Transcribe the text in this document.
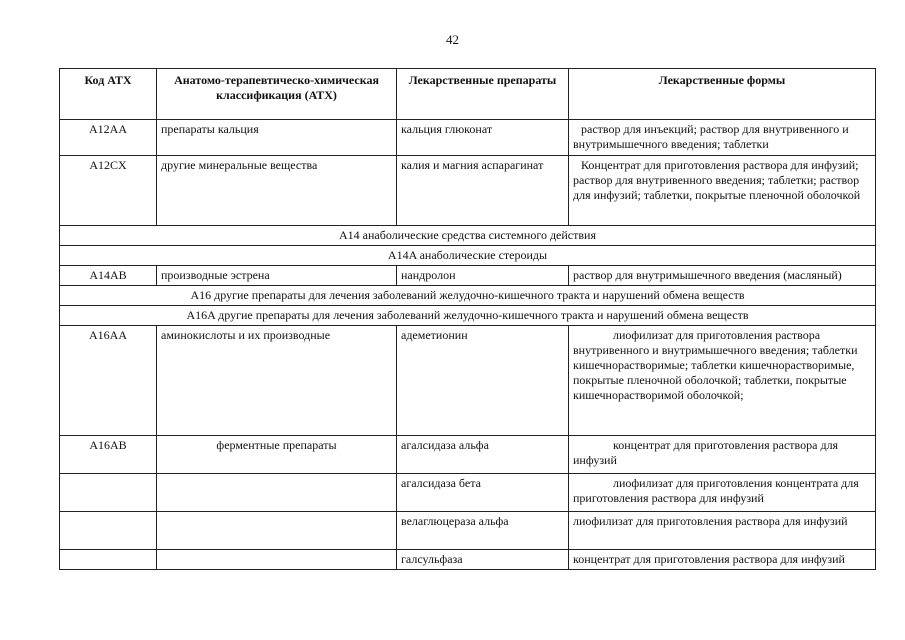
42
Код АТХ	Анатомо-терапевтическо-химическая классификация (АТХ)	Лекарственные препараты	Лекарственные формы
A12AA	препараты кальция	кальция глюконат	раствор для инъекций; раствор для внутривенного и внутримышечного введения; таблетки
A12CX	другие минеральные вещества	калия и магния аспарагинат	Концентрат для приготовления раствора для инфузий; раствор для внутривенного введения; таблетки; раствор для инфузий; таблетки, покрытые пленочной оболочкой
A14 анаболические средства системного действия			
A14A анаболические стероиды			
A14AB	производные эстрена	нандролон	раствор для внутримышечного введения (масляный)
A16 другие препараты для лечения заболеваний желудочно-кишечного тракта и нарушений обмена веществ			
A16A другие препараты для лечения заболеваний желудочно-кишечного тракта и нарушений обмена веществ			
A16AA	аминокислоты и их производные	адеметионин	лиофилизат для приготовления раствора внутривенного и внутримышечного введения; таблетки кишечнорастворимые; таблетки кишечнорастворимые, покрытые пленочной оболочкой; таблетки, покрытые кишечнорастворимой оболочкой;
A16AB	ферментные препараты	агалсидаза альфа	концентрат для приготовления раствора для инфузий
		агалсидаза бета	лиофилизат для приготовления концентрата для приготовления раствора для инфузий
		велаглюцераза альфа	лиофилизат для приготовления раствора для инфузий
		галсульфаза	концентрат для приготовления раствора для инфузий
